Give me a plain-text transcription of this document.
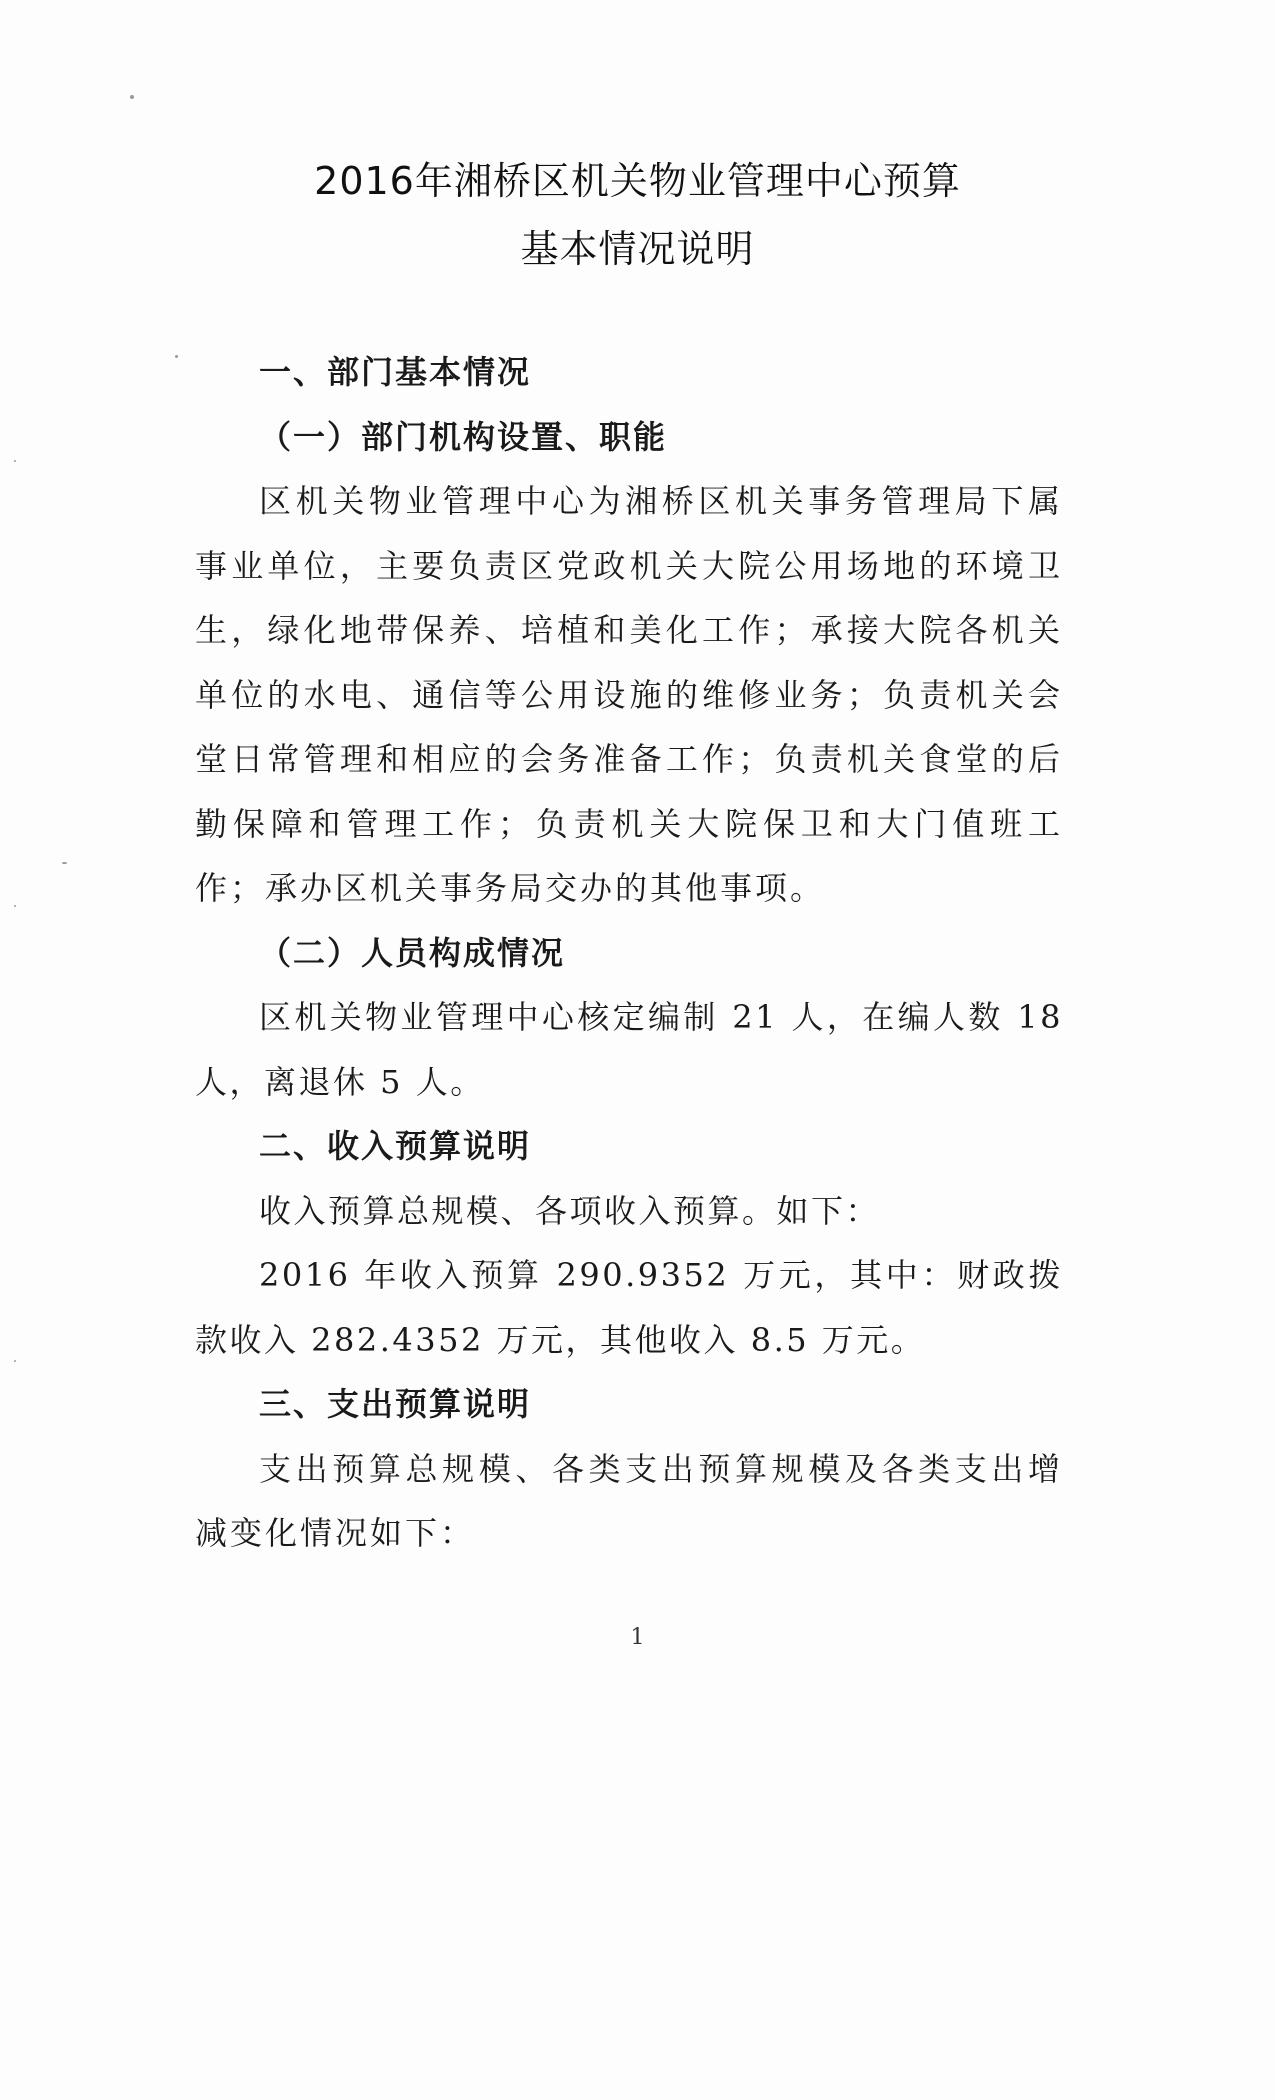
2016年湘桥区机关物业管理中心预算
基本情况说明
一、部门基本情况
（一）部门机构设置、职能

区机关物业管理中心为湘桥区机关事务管理局下属事业单位，主要负责区党政机关大院公用场地的环境卫生，绿化地带保养、培植和美化工作；承接大院各机关单位的水电、通信等公用设施的维修业务；负责机关会堂日常管理和相应的会务准备工作；负责机关食堂的后勤保障和管理工作；负责机关大院保卫和大门值班工作；承办区机关事务局交办的其他事项。

（二）人员构成情况

区机关物业管理中心核定编制 21 人，在编人数 18 人，离退休 5 人。

二、收入预算说明

收入预算总规模、各项收入预算。如下：

2016 年收入预算 290.9352 万元，其中：财政拨款收入 282.4352 万元，其他收入 8.5 万元。

三、支出预算说明

支出预算总规模、各类支出预算规模及各类支出增减变化情况如下：

1
